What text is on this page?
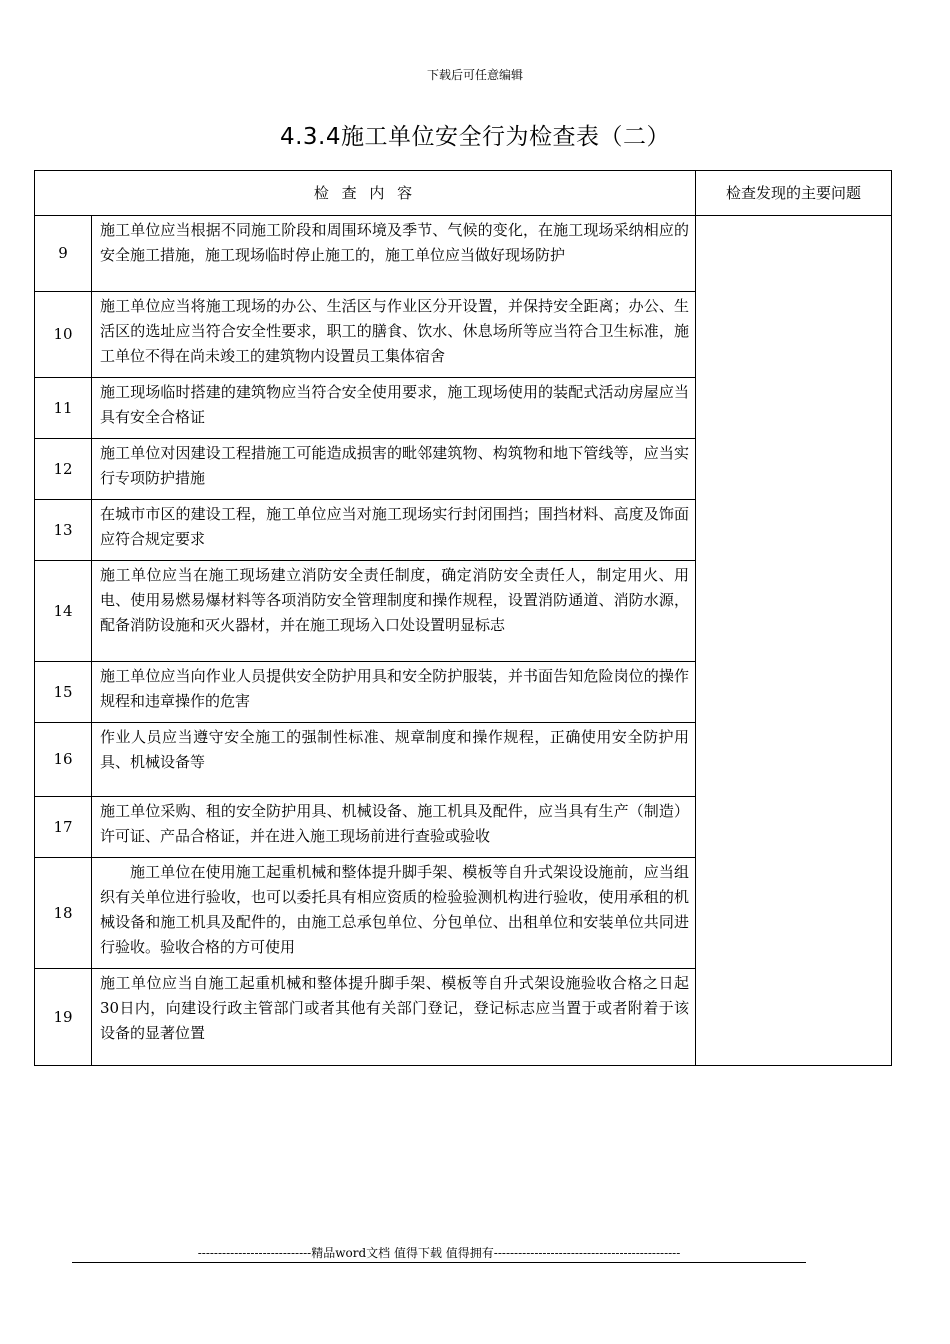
下载后可任意编辑
4.3.4施工单位安全行为检查表（二）
检 查 内 容		检查发现的主要问题
9	施工单位应当根据不同施工阶段和周围环境及季节、气候的变化，在施工现场采纳相应的安全施工措施，施工现场临时停止施工的，施工单位应当做好现场防护	
10	施工单位应当将施工现场的办公、生活区与作业区分开设置，并保持安全距离；办公、生活区的选址应当符合安全性要求，职工的膳食、饮水、休息场所等应当符合卫生标准，施工单位不得在尚未竣工的建筑物内设置员工集体宿舍	
11	施工现场临时搭建的建筑物应当符合安全使用要求，施工现场使用的装配式活动房屋应当具有安全合格证	
12	施工单位对因建设工程措施工可能造成损害的毗邻建筑物、构筑物和地下管线等，应当实行专项防护措施	
13	在城市市区的建设工程，施工单位应当对施工现场实行封闭围挡；围挡材料、高度及饰面应符合规定要求	
14	施工单位应当在施工现场建立消防安全责任制度，确定消防安全责任人，制定用火、用电、使用易燃易爆材料等各项消防安全管理制度和操作规程，设置消防通道、消防水源，配备消防设施和灭火器材，并在施工现场入口处设置明显标志	
15	施工单位应当向作业人员提供安全防护用具和安全防护服装，并书面告知危险岗位的操作规程和违章操作的危害	
16	作业人员应当遵守安全施工的强制性标准、规章制度和操作规程，正确使用安全防护用具、机械设备等	
17	施工单位采购、租的安全防护用具、机械设备、施工机具及配件，应当具有生产（制造）许可证、产品合格证，并在进入施工现场前进行查验或验收	
18	施工单位在使用施工起重机械和整体提升脚手架、模板等自升式架设设施前，应当组织有关单位进行验收，也可以委托具有相应资质的检验验测机构进行验收，使用承租的机械设备和施工机具及配件的，由施工总承包单位、分包单位、出租单位和安装单位共同进行验收。验收合格的方可使用	
19	施工单位应当自施工起重机械和整体提升脚手架、模板等自升式架设施验收合格之日起30日内，向建设行政主管部门或者其他有关部门登记，登记标志应当置于或者附着于该设备的显著位置	
----------------------------精品word文档 值得下载 值得拥有----------------------------------------------
